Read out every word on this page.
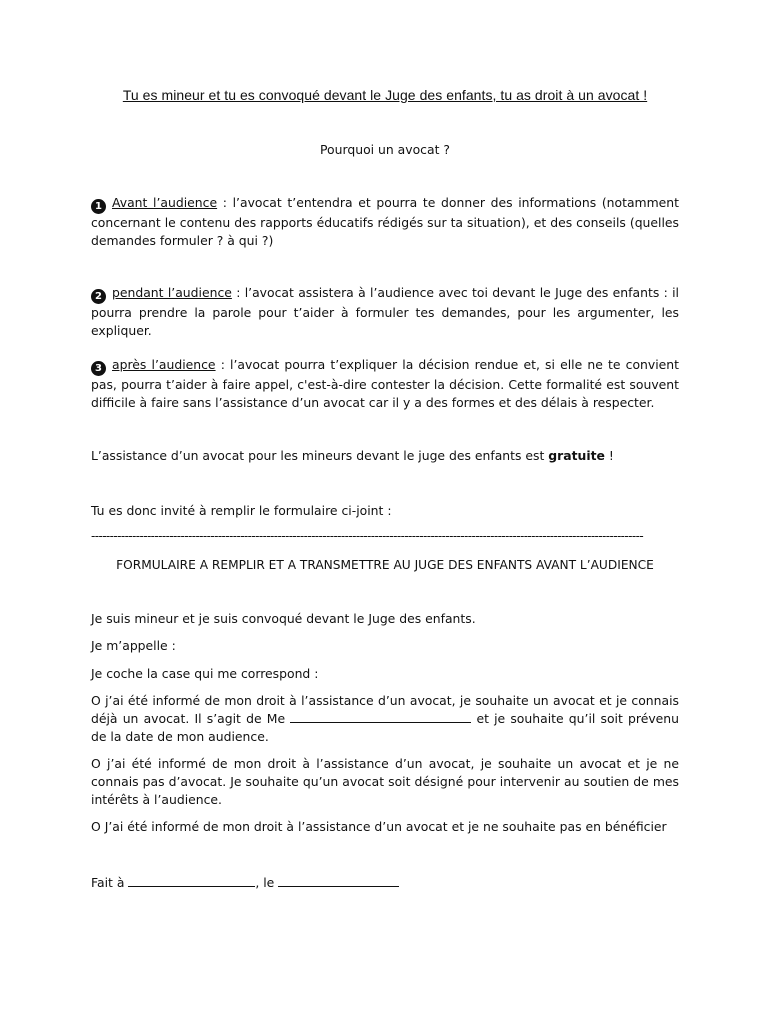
Tu es mineur et tu es convoqué devant le Juge des enfants, tu as droit à un avocat !
Pourquoi un avocat ?
1 Avant l’audience : l’avocat t’entendra et pourra te donner des informations (notamment concernant le contenu des rapports éducatifs rédigés sur ta situation), et des conseils (quelles demandes formuler ? à qui ?)
2 pendant l’audience : l’avocat assistera à l’audience avec toi devant le Juge des enfants : il pourra prendre la parole pour t’aider à formuler tes demandes, pour les argumenter, les expliquer.
3 après l’audience : l’avocat pourra t’expliquer la décision rendue et, si elle ne te convient pas, pourra t’aider à faire appel, c'est-à-dire contester la décision. Cette formalité est souvent difficile à faire sans l’assistance d’un avocat car il y a des formes et des délais à respecter.
L’assistance d’un avocat pour les mineurs devant le juge des enfants est gratuite !
Tu es donc invité à remplir le formulaire ci-joint :
----------------------------------------------------------------------------------------------------------------------------------------------------
FORMULAIRE A REMPLIR ET A TRANSMETTRE AU JUGE DES ENFANTS AVANT L’AUDIENCE
Je suis mineur et je suis convoqué devant le Juge des enfants.
Je m’appelle :
Je coche la case qui me correspond :
O j’ai été informé de mon droit à l’assistance d’un avocat, je souhaite un avocat et je connais déjà un avocat. Il s’agit de Me	et je souhaite qu’il soit prévenu de la date de mon audience.
O j’ai été informé de mon droit à l’assistance d’un avocat, je souhaite un avocat et je ne connais pas d’avocat. Je souhaite qu’un avocat soit désigné pour intervenir au soutien de mes intérêts à l’audience.
O J’ai été informé de mon droit à l’assistance d’un avocat et je ne souhaite pas en bénéficier
Fait à	, le
